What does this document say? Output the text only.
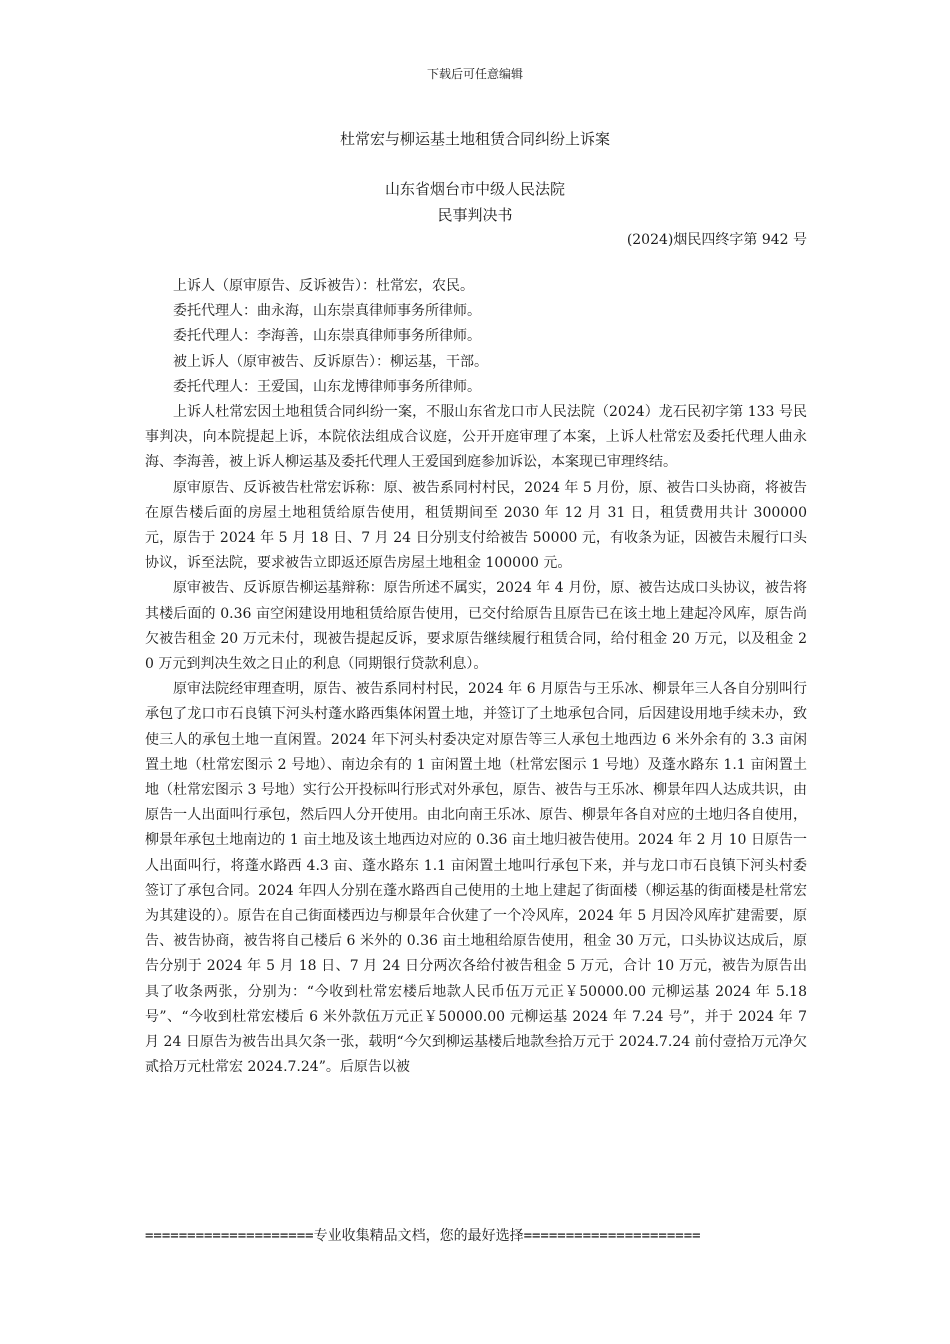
下载后可任意编辑
杜常宏与柳运基土地租赁合同纠纷上诉案
山东省烟台市中级人民法院
民事判决书
(2024)烟民四终字第 942 号

上诉人（原审原告、反诉被告）：杜常宏，农民。

委托代理人：曲永海，山东崇真律师事务所律师。

委托代理人：李海善，山东崇真律师事务所律师。

被上诉人（原审被告、反诉原告）：柳运基，干部。

委托代理人：王爱国，山东龙博律师事务所律师。

上诉人杜常宏因土地租赁合同纠纷一案，不服山东省龙口市人民法院（2024）龙石民初字第 133 号民事判决，向本院提起上诉，本院依法组成合议庭，公开开庭审理了本案，上诉人杜常宏及委托代理人曲永海、李海善，被上诉人柳运基及委托代理人王爱国到庭参加诉讼，本案现已审理终结。

原审原告、反诉被告杜常宏诉称：原、被告系同村村民，2024 年 5 月份，原、被告口头协商，将被告在原告楼后面的房屋土地租赁给原告使用，租赁期间至 2030 年 12 月 31 日，租赁费用共计 300000 元，原告于 2024 年 5 月 18 日、7 月 24 日分别支付给被告 50000 元，有收条为证，因被告未履行口头协议，诉至法院，要求被告立即返还原告房屋土地租金 100000 元。

原审被告、反诉原告柳运基辩称：原告所述不属实，2024 年 4 月份，原、被告达成口头协议，被告将其楼后面的 0.36 亩空闲建设用地租赁给原告使用，已交付给原告且原告已在该土地上建起冷风库，原告尚欠被告租金 20 万元未付，现被告提起反诉，要求原告继续履行租赁合同，给付租金 20 万元，以及租金 20 万元到判决生效之日止的利息（同期银行贷款利息）。

原审法院经审理查明，原告、被告系同村村民，2024 年 6 月原告与王乐冰、柳景年三人各自分别叫行承包了龙口市石良镇下河头村蓬水路西集体闲置土地，并签订了土地承包合同，后因建设用地手续未办，致使三人的承包土地一直闲置。2024 年下河头村委决定对原告等三人承包土地西边 6 米外余有的 3.3 亩闲置土地（杜常宏图示 2 号地）、南边余有的 1 亩闲置土地（杜常宏图示 1 号地）及蓬水路东 1.1 亩闲置土地（杜常宏图示 3 号地）实行公开投标叫行形式对外承包，原告、被告与王乐冰、柳景年四人达成共识，由原告一人出面叫行承包，然后四人分开使用。由北向南王乐冰、原告、柳景年各自对应的土地归各自使用，柳景年承包土地南边的 1 亩土地及该土地西边对应的 0.36 亩土地归被告使用。2024 年 2 月 10 日原告一人出面叫行，将蓬水路西 4.3 亩、蓬水路东 1.1 亩闲置土地叫行承包下来，并与龙口市石良镇下河头村委签订了承包合同。2024 年四人分别在蓬水路西自己使用的土地上建起了街面楼（柳运基的街面楼是杜常宏为其建设的）。原告在自己街面楼西边与柳景年合伙建了一个冷风库，2024 年 5 月因冷风库扩建需要，原告、被告协商，被告将自己楼后 6 米外的 0.36 亩土地租给原告使用，租金 30 万元，口头协议达成后，原告分别于 2024 年 5 月 18 日、7 月 24 日分两次各给付被告租金 5 万元，合计 10 万元，被告为原告出具了收条两张，分别为：“今收到杜常宏楼后地款人民币伍万元正￥50000.00 元柳运基 2024 年 5.18 号”、“今收到杜常宏楼后 6 米外款伍万元正￥50000.00 元柳运基 2024 年 7.24 号”，并于 2024 年 7 月 24 日原告为被告出具欠条一张，载明“今欠到柳运基楼后地款叁拾万元于 2024.7.24 前付壹拾万元净欠贰拾万元杜常宏 2024.7.24”。后原告以被

====================专业收集精品文档，您的最好选择=====================
